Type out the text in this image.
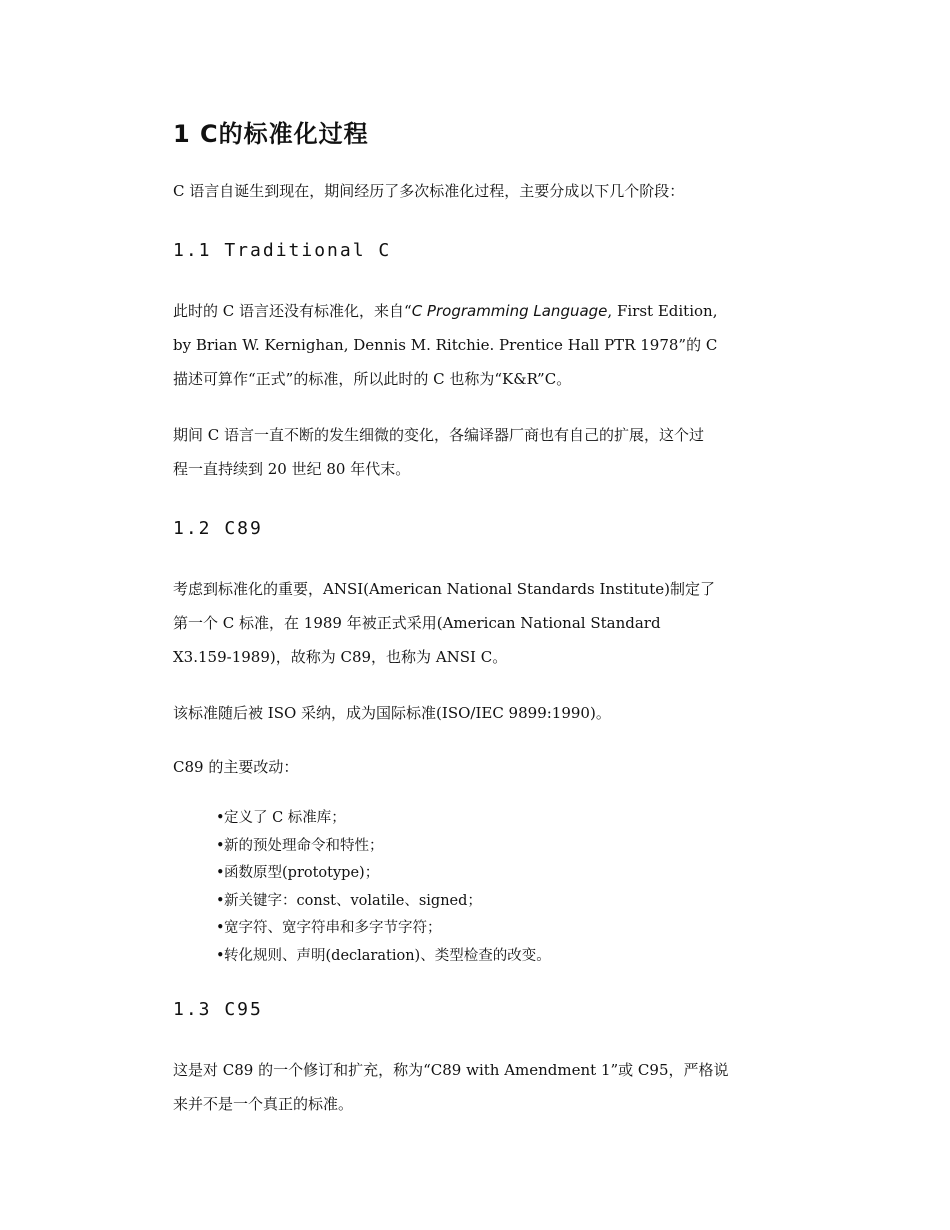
1 C的标准化过程
C 语言自诞生到现在，期间经历了多次标准化过程，主要分成以下几个阶段：
1.1 Traditional C
此时的 C 语言还没有标准化，来自“C Programming Language, First Edition,
by Brian W. Kernighan, Dennis M. Ritchie. Prentice Hall PTR 1978”的 C
描述可算作“正式”的标准，所以此时的 C 也称为“K&R”C。
期间 C 语言一直不断的发生细微的变化，各编译器厂商也有自己的扩展，这个过
程一直持续到 20 世纪 80 年代末。
1.2 C89
考虑到标准化的重要，ANSI(American National Standards Institute)制定了
第一个 C 标准，在 1989 年被正式采用(American National Standard
X3.159-1989)，故称为 C89，也称为 ANSI C。
该标准随后被 ISO 采纳，成为国际标准(ISO/IEC 9899:1990)。
C89 的主要改动：
•定义了 C 标准库；
•新的预处理命令和特性；
•函数原型(prototype)；
•新关键字：const、volatile、signed；
•宽字符、宽字符串和多字节字符；
•转化规则、声明(declaration)、类型检查的改变。
1.3 C95
这是对 C89 的一个修订和扩充，称为“C89 with Amendment 1”或 C95，严格说
来并不是一个真正的标准。
